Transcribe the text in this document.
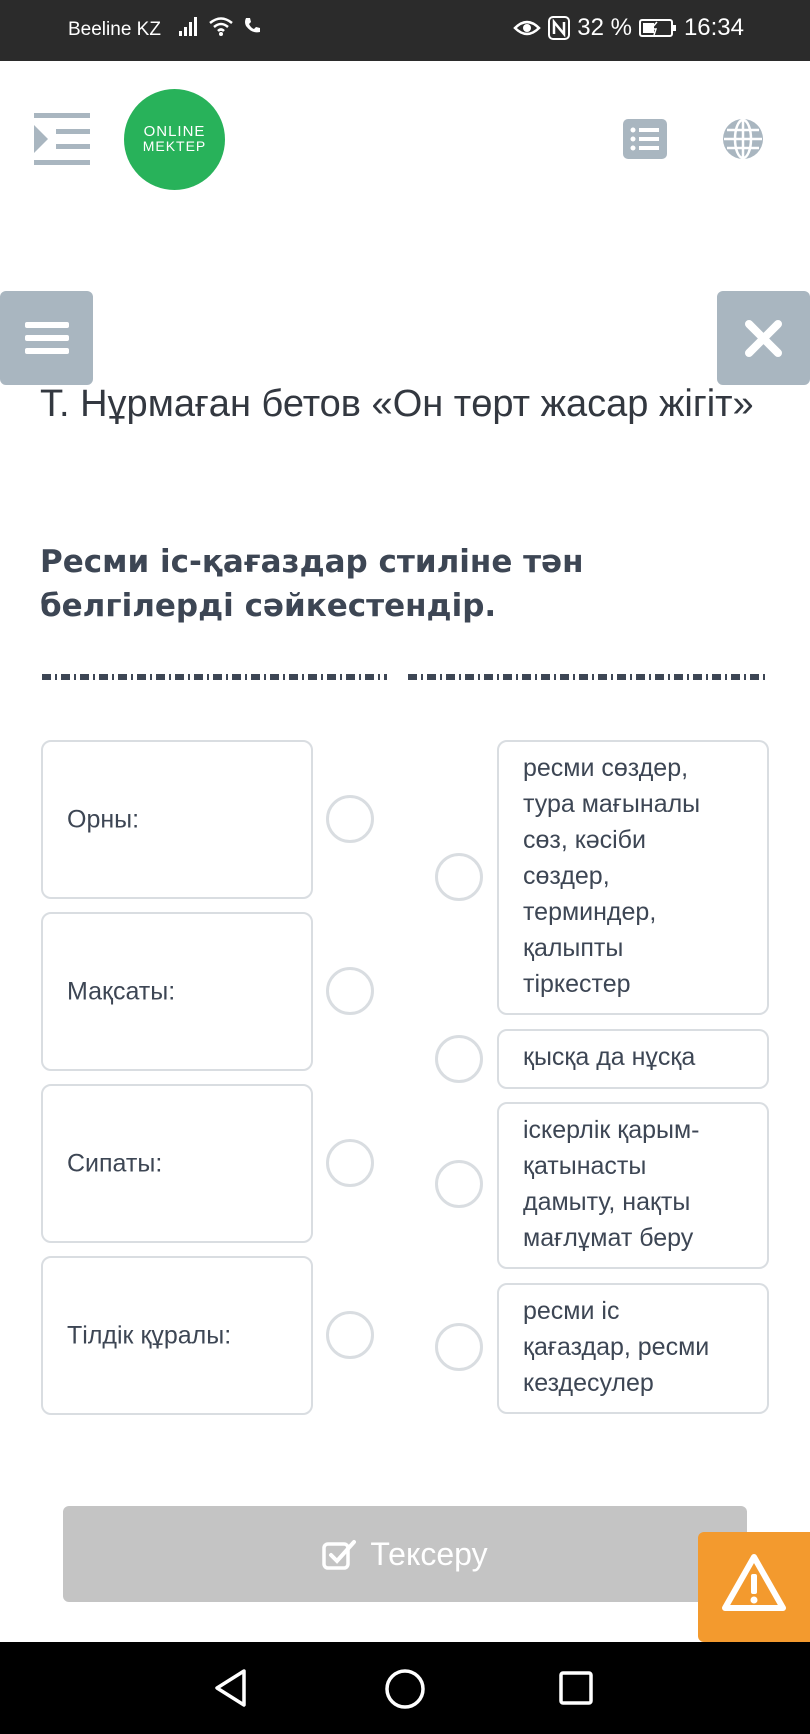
Beeline KZ	32 % 16:34
ONLINE
MEKTEP
Т. Нұрмаған бетов «Он төрт жасар жігіт»
Ресми іс-қағаздар стиліне тән белгілерді сәйкестендір.
Орны:
Мақсаты:
Сипаты:
Тілдік құралы:
ресми сөздер,
тура мағыналы
сөз, кәсіби
сөздер,
терминдер,
қалыпты
тіркестер
қысқа да нұсқа
іскерлік қарым-
қатынасты
дамыту, нақты
мағлұмат беру
ресми іс
қағаздар, ресми
кездесулер
Тексеру
